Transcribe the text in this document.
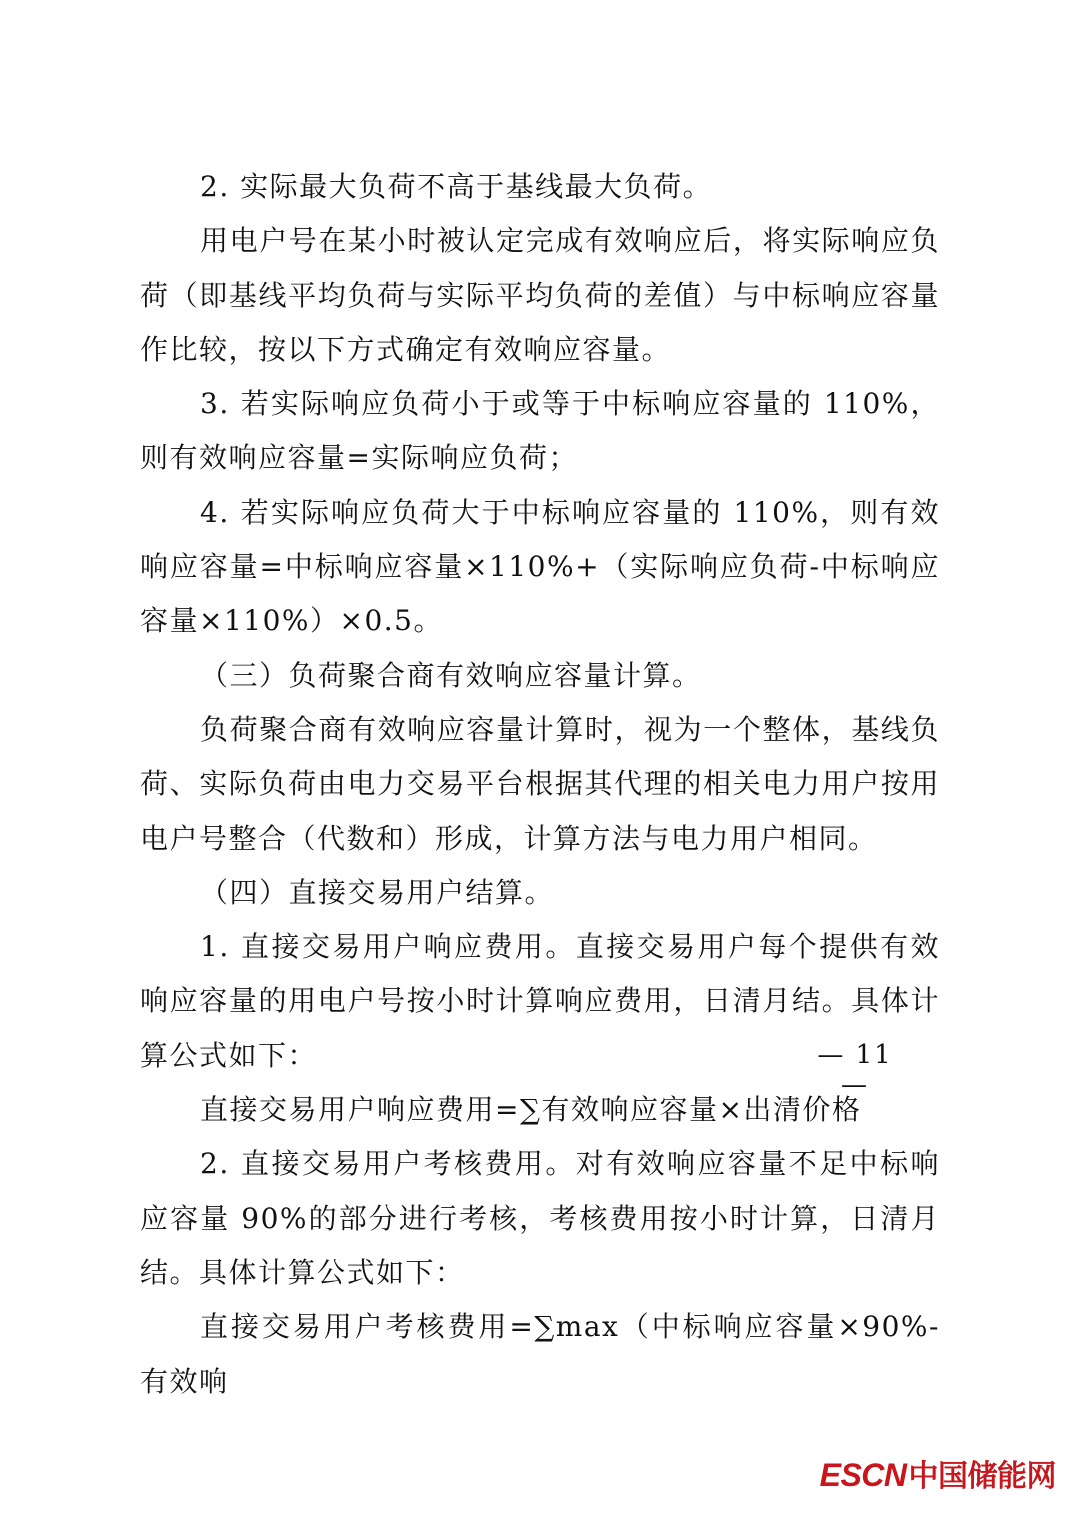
2. 实际最大负荷不高于基线最大负荷。

用电户号在某小时被认定完成有效响应后，将实际响应负荷（即基线平均负荷与实际平均负荷的差值）与中标响应容量作比较，按以下方式确定有效响应容量。

3. 若实际响应负荷小于或等于中标响应容量的 110%，则有效响应容量=实际响应负荷；

4. 若实际响应负荷大于中标响应容量的 110%，则有效响应容量=中标响应容量×110%+（实际响应负荷-中标响应容量×110%）×0.5。

（三）负荷聚合商有效响应容量计算。

负荷聚合商有效响应容量计算时，视为一个整体，基线负荷、实际负荷由电力交易平台根据其代理的相关电力用户按用电户号整合（代数和）形成，计算方法与电力用户相同。

（四）直接交易用户结算。

1. 直接交易用户响应费用。直接交易用户每个提供有效响应容量的用电户号按小时计算响应费用，日清月结。具体计算公式如下：

直接交易用户响应费用=∑有效响应容量×出清价格

2. 直接交易用户考核费用。对有效响应容量不足中标响应容量 90%的部分进行考核，考核费用按小时计算，日清月结。具体计算公式如下：

直接交易用户考核费用=∑max（中标响应容量×90%-有效响

— 11 —
ESCN中国储能网
